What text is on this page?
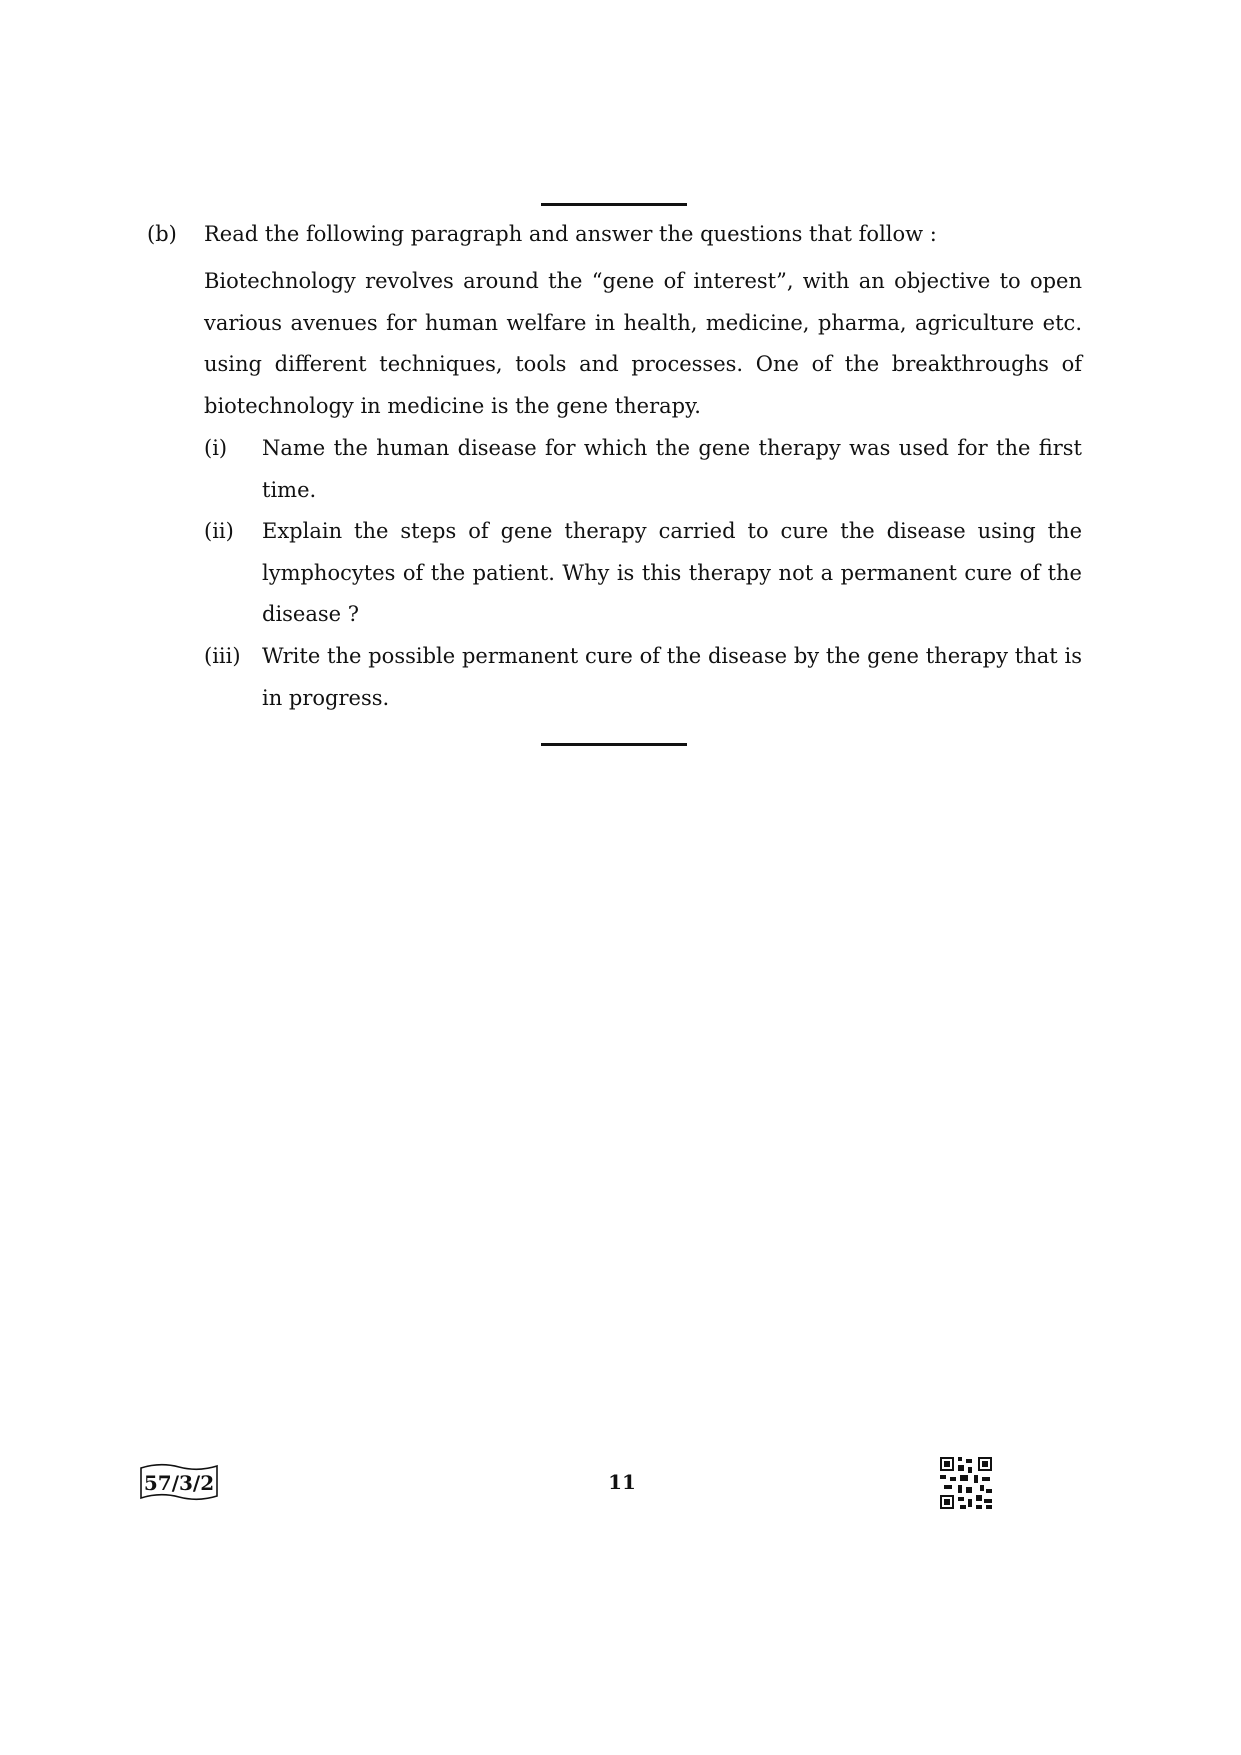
(b) Read the following paragraph and answer the questions that follow :

Biotechnology revolves around the “gene of interest”, with an objective to open various avenues for human welfare in health, medicine, pharma, agriculture etc. using different techniques, tools and processes. One of the breakthroughs of biotechnology in medicine is the gene therapy.

(i) Name the human disease for which the gene therapy was used for the first time.

(ii) Explain the steps of gene therapy carried to cure the disease using the lymphocytes of the patient. Why is this therapy not a permanent cure of the disease ?

(iii) Write the possible permanent cure of the disease by the gene therapy that is in progress.

57/3/2	11
